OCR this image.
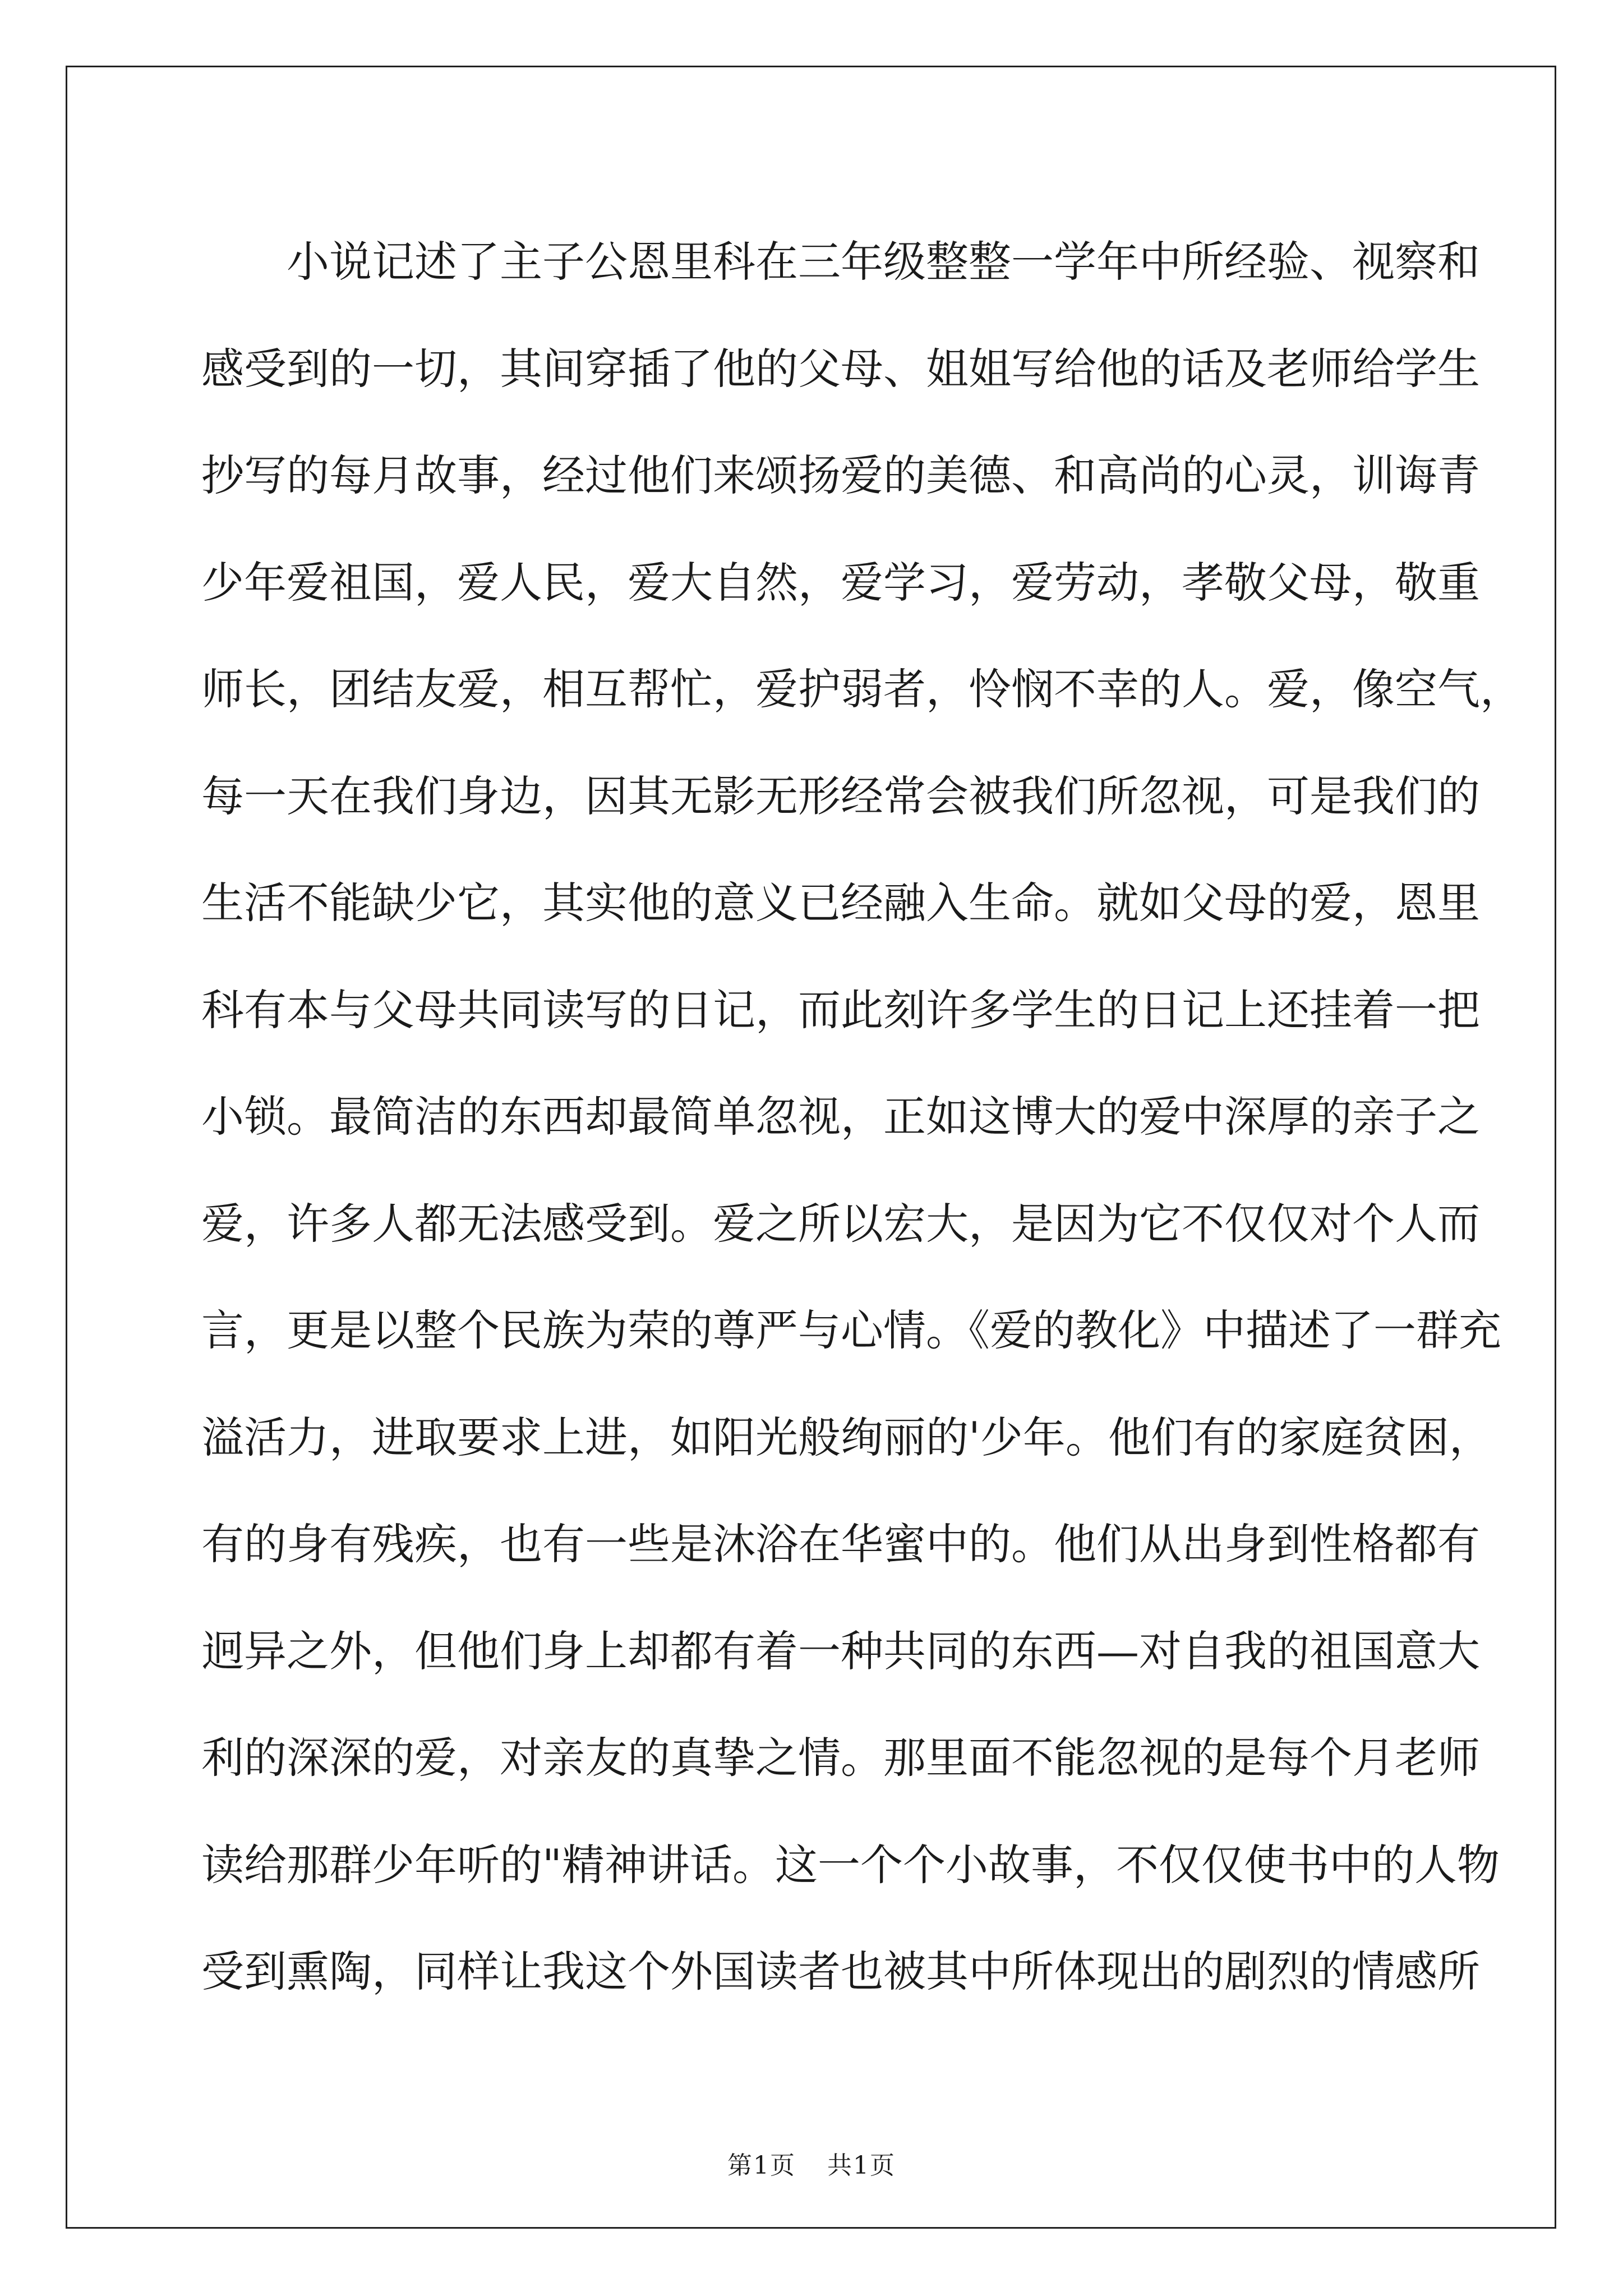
小说记述了主子公恩里科在三年级整整一学年中所经验、视察和
感受到的一切，其间穿插了他的父母、姐姐写给他的话及老师给学生
抄写的每月故事，经过他们来颂扬爱的美德、和高尚的心灵，训诲青
少年爱祖国，爱人民，爱大自然，爱学习，爱劳动，孝敬父母，敬重
师长，团结友爱，相互帮忙，爱护弱者，怜悯不幸的人。爱，像空气，
每一天在我们身边，因其无影无形经常会被我们所忽视，可是我们的
生活不能缺少它，其实他的意义已经融入生命。就如父母的爱，恩里
科有本与父母共同读写的日记，而此刻许多学生的日记上还挂着一把
小锁。最简洁的东西却最简单忽视，正如这博大的爱中深厚的亲子之
爱，许多人都无法感受到。爱之所以宏大，是因为它不仅仅对个人而
言，更是以整个民族为荣的尊严与心情。《爱的教化》中描述了一群充
溢活力，进取要求上进，如阳光般绚丽的'少年。他们有的家庭贫困，
有的身有残疾，也有一些是沐浴在华蜜中的。他们从出身到性格都有
迥异之外，但他们身上却都有着一种共同的东西—对自我的祖国意大
利的深深的爱，对亲友的真挚之情。那里面不能忽视的是每个月老师
读给那群少年听的"精神讲话。这一个个小故事，不仅仅使书中的人物
受到熏陶，同样让我这个外国读者也被其中所体现出的剧烈的情感所
第1页 共1页
